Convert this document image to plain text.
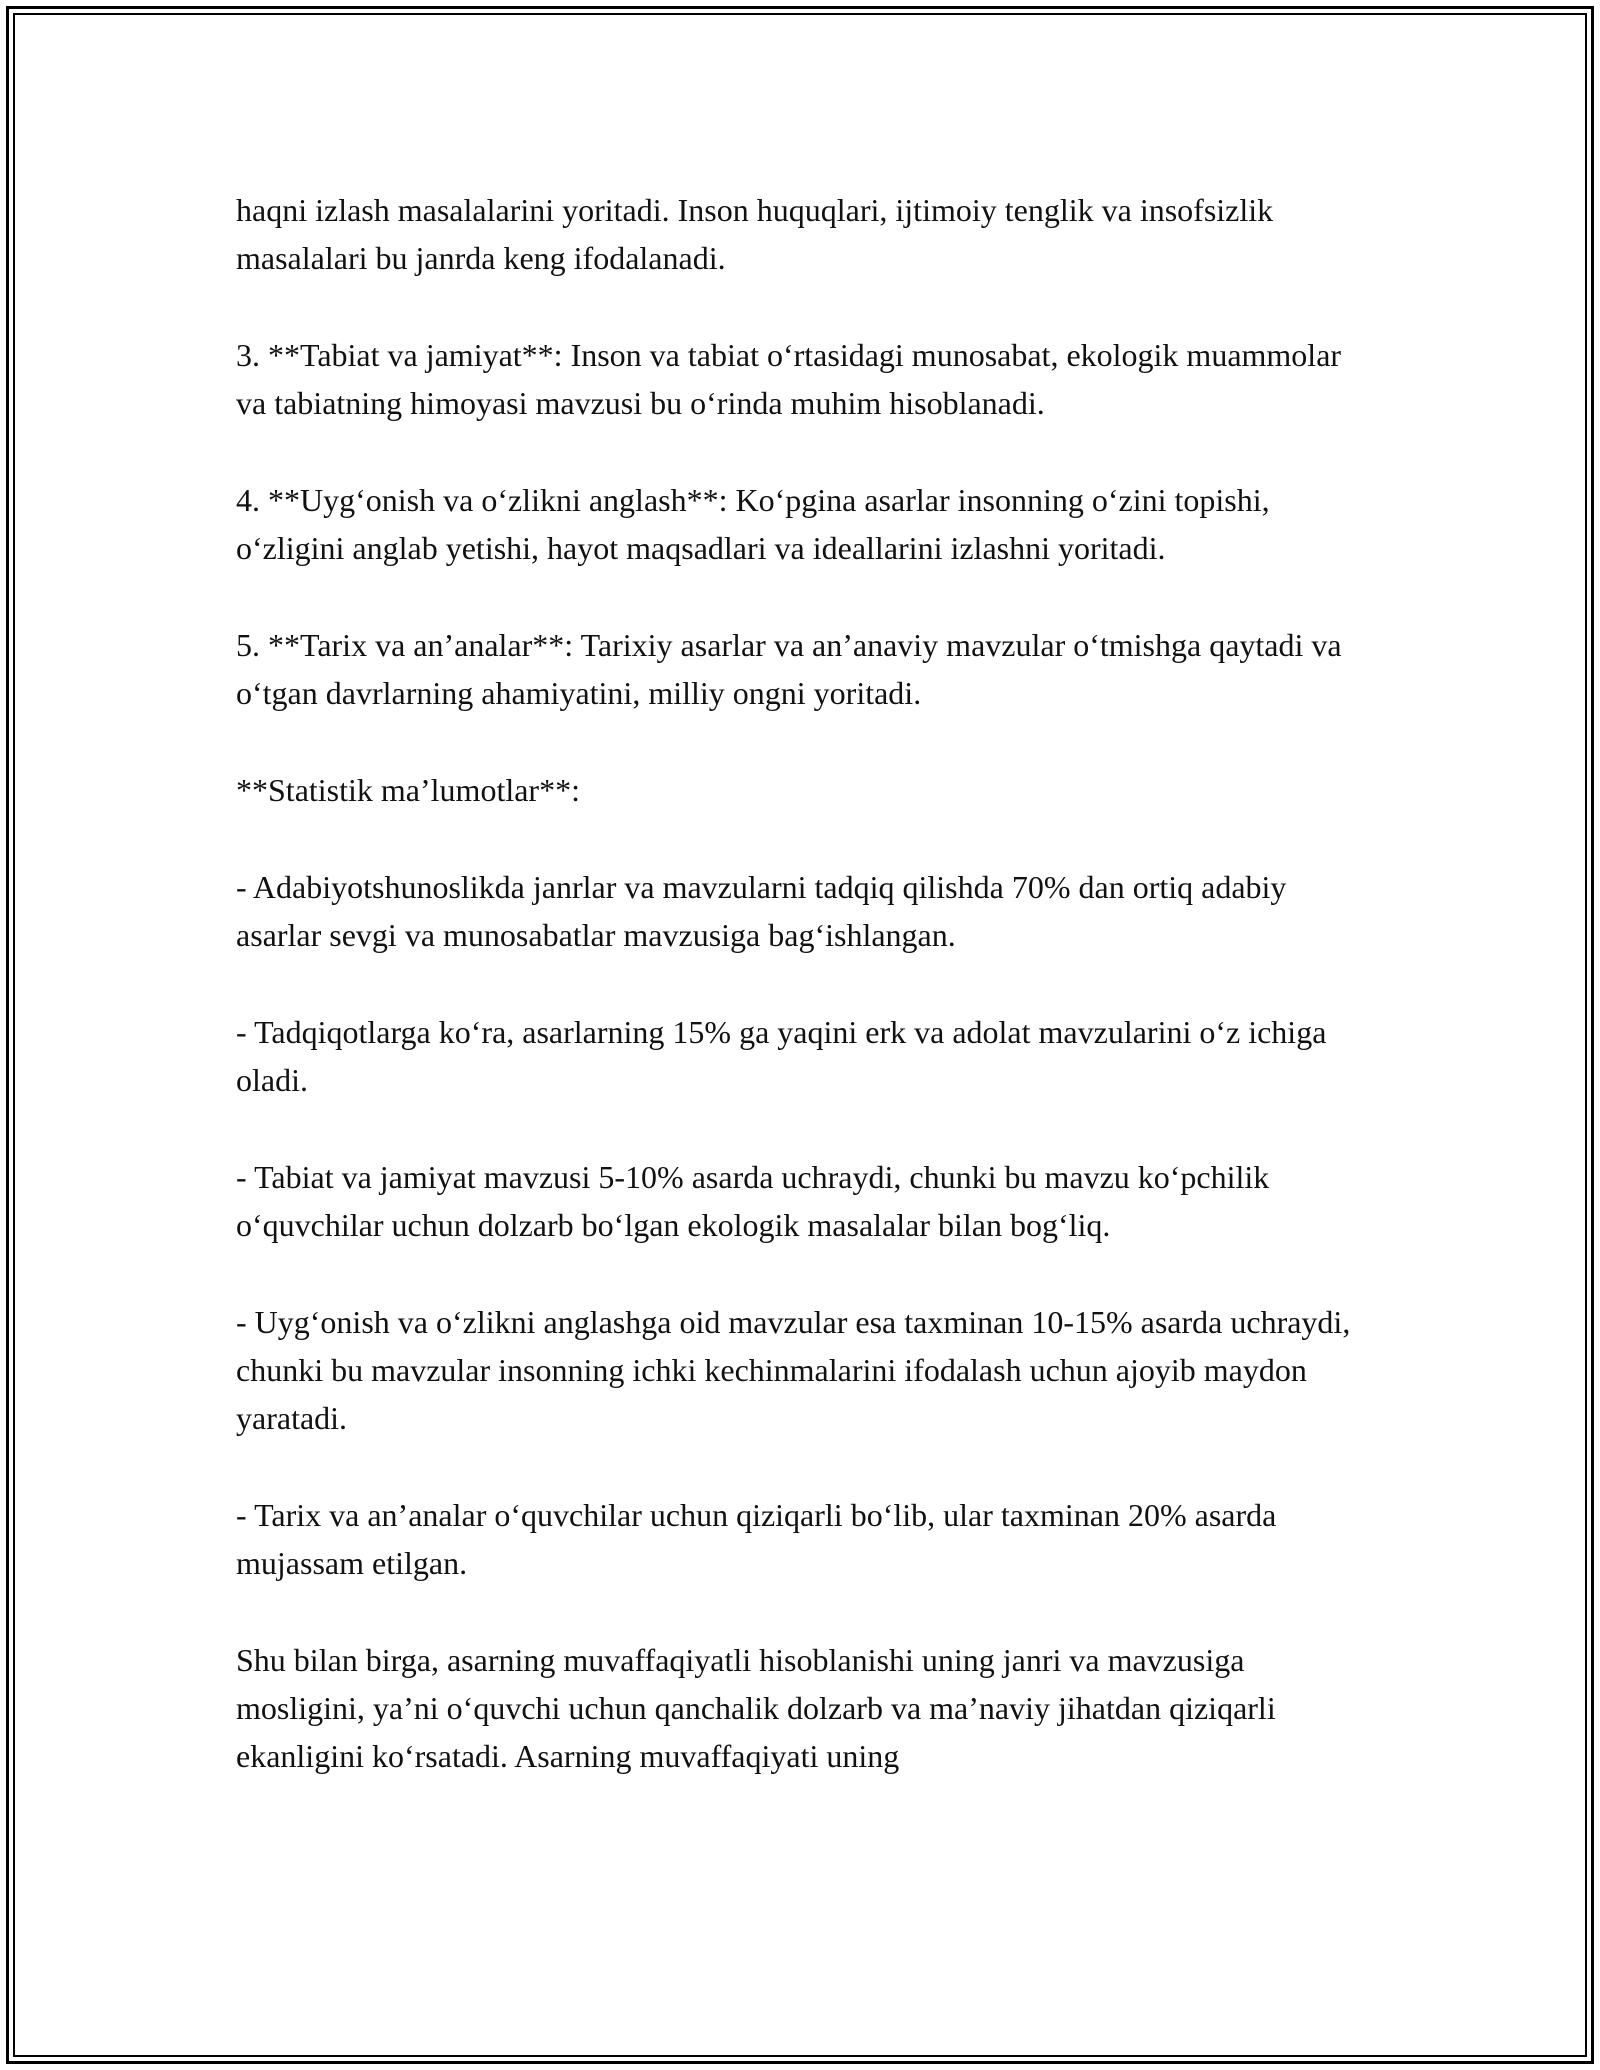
haqni izlash masalalarini yoritadi. Inson huquqlari, ijtimoiy tenglik va insofsizlik masalalari bu janrda keng ifodalanadi.

3. **Tabiat va jamiyat**: Inson va tabiat o‘rtasidagi munosabat, ekologik muammolar va tabiatning himoyasi mavzusi bu o‘rinda muhim hisoblanadi.

4. **Uyg‘onish va o‘zlikni anglash**: Ko‘pgina asarlar insonning o‘zini topishi, o‘zligini anglab yetishi, hayot maqsadlari va ideallarini izlashni yoritadi.

5. **Tarix va an’analar**: Tarixiy asarlar va an’anaviy mavzular o‘tmishga qaytadi va o‘tgan davrlarning ahamiyatini, milliy ongni yoritadi.

**Statistik ma’lumotlar**:

- Adabiyotshunoslikda janrlar va mavzularni tadqiq qilishda 70% dan ortiq adabiy asarlar sevgi va munosabatlar mavzusiga bag‘ishlangan.

- Tadqiqotlarga ko‘ra, asarlarning 15% ga yaqini erk va adolat mavzularini o‘z ichiga oladi.

- Tabiat va jamiyat mavzusi 5-10% asarda uchraydi, chunki bu mavzu ko‘pchilik o‘quvchilar uchun dolzarb bo‘lgan ekologik masalalar bilan bog‘liq.

- Uyg‘onish va o‘zlikni anglashga oid mavzular esa taxminan 10-15% asarda uchraydi, chunki bu mavzular insonning ichki kechinmalarini ifodalash uchun ajoyib maydon yaratadi.

- Tarix va an’analar o‘quvchilar uchun qiziqarli bo‘lib, ular taxminan 20% asarda mujassam etilgan.

Shu bilan birga, asarning muvaffaqiyatli hisoblanishi uning janri va mavzusiga mosligini, ya’ni o‘quvchi uchun qanchalik dolzarb va ma’naviy jihatdan qiziqarli ekanligini ko‘rsatadi. Asarning muvaffaqiyati uning
